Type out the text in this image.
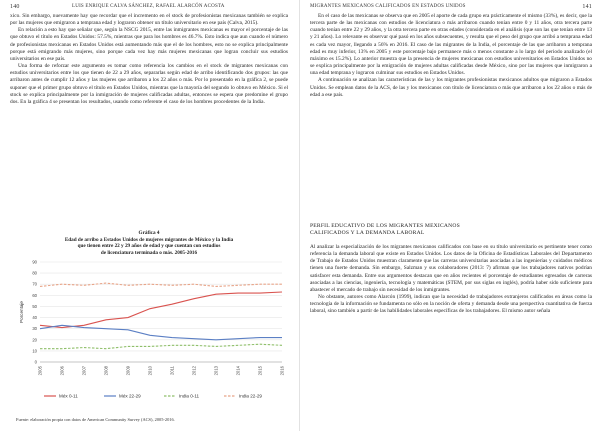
140	LUIS ENRIQUE CALVA SÁNCHEZ, RAFAEL ALARCÓN ACOSTA

xico. Sin embargo, nuevamente hay que recordar que el incremento en el stock de profesionistas mexicanas también se explica por las mujeres que emigraron a temprana edad y lograron obtener un título universitario en ese país (Calva, 2015).

En relación a esto hay que señalar que, según la NSCG 2015, entre las inmigrantes mexicanas es mayor el porcentaje de las que obtuvo el título en Estados Unidos: 57.5%, mientras que para los hombres es 46.7%. Esto indica que aun cuando el número de profesionistas mexicanas en Estados Unidos está aumentando más que el de los hombres, esto no se explica principalmente porque está emigrando más mujeres, sino porque cada vez hay más mujeres mexicanas que logran concluir sus estudios universitarios en ese país.

Una forma de reforzar este argumento es tomar como referencia los cambios en el stock de migrantes mexicanas con estudios universitarios entre los que tienen de 22 a 29 años, separarlas según edad de arribo identificando dos grupos: las que arribaron antes de cumplir 12 años y las mujeres que arribaron a los 22 años o más. Por lo presentado en la gráfica 2, se puede suponer que el primer grupo obtuvo el título en Estados Unidos, mientras que la mayoría del segundo lo obtuvo en México. Si el stock se explica principalmente por la inmigración de mujeres calificadas adultas, entonces se espera que predomine el grupo dos. En la gráfica 4 se presentan los resultados, usando como referente el caso de los hombres procedentes de la India.

Gráfica 4
Edad de arribo a Estados Unidos de mujeres migrantes de México y la India
que tienen entre 22 y 29 años de edad y que cuentan con estudios
de licenciatura terminada o más. 2005-2016
0
10
20
30
40
50
60
70
80
90
Porcentaje
2005	2006	2007	2008	2009	2010	2011	2012	2013	2014	2015	2016
Méx 0-11	Méx 22-29	India 0-11	India 22-29
Fuente: elaboración propia con datos de American Community Survey (ACS), 2005-2016.
MIGRANTES MEXICANOS CALIFICADOS EN ESTADOS UNIDOS	141

En el caso de las mexicanas se observa que en 2005 el aporte de cada grupo era prácticamente el mismo (33%), es decir, que la tercera parte de las mexicanas con estudios de licenciatura o más arribaron cuando tenían entre 0 y 11 años, otra tercera parte cuando tenían entre 22 y 29 años, y la otra tercera parte en otras edades (considerada en el análisis (que son las que tenían entre 13 y 21 años). Lo relevante es observar qué pasó en los años subsecuentes, y resulta que el peso del grupo que arribó a temprana edad es cada vez mayor, llegando a 56% en 2016. El caso de las migrantes de la India, el porcentaje de las que arribaron a temprana edad es muy inferior, 13% en 2005 y este porcentaje bajo permanece más o menos constante a lo largo del periodo analizado (el máximo es 15.2%). Lo anterior muestra que la presencia de mujeres mexicanas con estudios universitarios en Estados Unidos no se explica principalmente por la emigración de mujeres adultas calificadas desde México, sino por las mujeres que inmigraron a una edad temprana y lograron culminar sus estudios en Estados Unidos.

A continuación se analizan las características de las y los migrantes profesionistas mexicanos adultos que migraron a Estados Unidos. Se emplean datos de la ACS, de las y los mexicanos con título de licenciatura o más que arribaron a los 22 años o más de edad a ese país.

PERFIL EDUCATIVO DE LOS MIGRANTES MEXICANOS
CALIFICADOS Y LA DEMANDA LABORAL

Al analizar la especialización de los migrantes mexicanos calificados con base en su título universitario es pertinente tener como referencia la demanda laboral que existe en Estados Unidos. Los datos de la Oficina de Estadísticas Laborales del Departamento de Trabajo de Estados Unidos muestran claramente que las carreras universitarias asociadas a las ingenierías y cuidados médicos tienen una fuerte demanda. Sin embargo, Salzman y sus colaboradores (2013: 7) afirman que los trabajadores nativos podrían satisfacer esta demanda. Entre sus argumentos destacan que en años recientes el porcentaje de estudiantes egresados de carreras asociadas a las ciencias, ingeniería, tecnología y matemáticas (STEM, por sus siglas en inglés), podría haber sido suficiente para abastecer el mercado de trabajo sin necesidad de los inmigrantes.

No obstante, autores como Alarcón (1999), indican que la necesidad de trabajadores extranjeros calificados en áreas como la tecnología de la información se fundamenta no sólo en la noción de oferta y demanda desde una perspectiva cuantitativa de fuerza laboral, sino también a partir de las habilidades laborales específicas de los trabajadores. El mismo autor señala
